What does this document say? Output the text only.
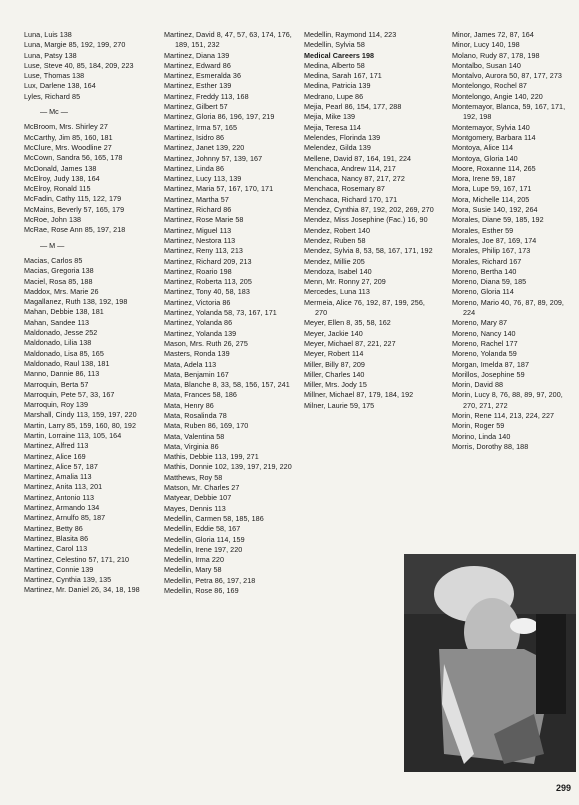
Luna, Luis 138
Luna, Margie 85, 192, 199, 270
Luna, Patsy 138
Luse, Steve 40, 85, 184, 209, 223
Luse, Thomas 138
Lux, Darlene 138, 164
Lyles, Richard 85
— Mc —
McBroom, Mrs. Shirley 27
McCarthy, Jim 85, 160, 181
McClure, Mrs. Woodline 27
McCown, Sandra 56, 165, 178
McDonald, James 138
McElroy, Judy 138, 164
McElroy, Ronald 115
McFadin, Cathy 115, 122, 179
McMains, Beverly 57, 165, 179
McRoe, John 138
McRae, Rose Ann 85, 197, 218
— M —
Macias, Carlos 85
Macias, Gregoria 138
Maciel, Rosa 85, 188
Maddox, Mrs. Marie 26
Magallanez, Ruth 138, 192, 198
Mahan, Debbie 138, 181
Mahan, Sandee 113
Maldonado, Jesse 252
Maldonado, Lilia 138
Maldonado, Lisa 85, 165
Maldonado, Raul 138, 181
Manno, Dannie 86, 113
Marroquin, Berta 57
Marroquin, Pete 57, 33, 167
Marroquin, Roy 139
Marshall, Cindy 113, 159, 197, 220
Martin, Larry 85, 159, 160, 80, 192
Martin, Lorraine 113, 105, 164
Martinez, Alfred 113
Martinez, Alice 169
Martinez, Alice 57, 187
Martinez, Amalia 113
Martinez, Anita 113, 201
Martinez, Antonio 113
Martinez, Armando 134
Martinez, Arnulfo 85, 187
Martinez, Betty 86
Martinez, Blasita 86
Martinez, Carol 113
Martinez, Celestino 57, 171, 210
Martinez, Connie 139
Martinez, Cynthia 139, 135
Martinez, Mr. Daniel 26, 34, 18, 198
Martinez, David 8, 47, 57, 63, 174, 176, 189, 151, 232
Martinez, Diana 139
Martinez, Edward 86
Martinez, Esmeralda 36
Martinez, Esther 139
Martinez, Freddy 113, 168
Martinez, Gilbert 57
Martinez, Gloria 86, 196, 197, 219
Martinez, Irma 57, 165
Martinez, Isidro 86
Martinez, Janet 139, 220
Martinez, Johnny 57, 139, 167
Martinez, Linda 86
Martinez, Lucy 113, 139
Martinez, Maria 57, 167, 170, 171
Martinez, Martha 57
Martinez, Richard 86
Martinez, Rose Marie 58
Martinez, Miguel 113
Martinez, Nestora 113
Martinez, Reny 113, 213
Martinez, Richard 209, 213
Martinez, Roario 198
Martinez, Roberta 113, 205
Martinez, Tony 40, 58, 183
Martinez, Victoria 86
Martinez, Yolanda 58, 73, 167, 171
Martinez, Yolanda 86
Martinez, Yolanda 139
Mason, Mrs. Ruth 26, 275
Masters, Ronda 139
Mata, Adela 113
Mata, Benjamin 167
Mata, Blanche 8, 33, 58, 156, 157, 241
Mata, Frances 58, 186
Mata, Henry 86
Mata, Rosalinda 78
Mata, Ruben 86, 169, 170
Mata, Valentina 58
Mata, Virginia 86
Mathis, Debbie 113, 199, 271
Mathis, Donnie 102, 139, 197, 219, 220
Matthews, Roy 58
Matson, Mr. Charles 27
Matyear, Debbie 107
Mayes, Dennis 113
Medellin, Carmen 58, 185, 186
Medellin, Eddie 58, 167
Medellin, Gloria 114, 159
Medellin, Irene 197, 220
Medellin, Irma 220
Medellin, Mary 58
Medellin, Petra 86, 197, 218
Medellin, Rose 86, 169
Medellin, Raymond 114, 223
Medellin, Sylvia 58
Medical Careers 198
Medina, Alberto 58
Medina, Sarah 167, 171
Medina, Patricia 139
Medrano, Lupe 86
Mejia, Pearl 86, 154, 177, 288
Mejia, Mike 139
Mejia, Teresa 114
Melendes, Florinda 139
Melendez, Gilda 139
Mellene, David 87, 164, 191, 224
Menchaca, Andrew 114, 217
Menchaca, Nancy 87, 217, 272
Menchaca, Rosemary 87
Menchaca, Richard 170, 171
Mendez, Cynthia 87, 192, 202, 269, 270
Mendez, Miss Josephine (Fac.) 16, 90
Mendez, Robert 140
Mendez, Ruben 58
Mendez, Sylvia 8, 53, 58, 167, 171, 192
Mendez, Millie 205
Mendoza, Isabel 140
Menn, Mr. Ronny 27, 209
Mercedes, Luna 113
Mermeia, Alice 76, 192, 87, 199, 256, 270
Meyer, Ellen 8, 35, 58, 162
Meyer, Jackie 140
Meyer, Michael 87, 221, 227
Meyer, Robert 114
Miller, Billy 87, 209
Miller, Charles 140
Miller, Mrs. Jody 15
Millner, Michael 87, 179, 184, 192
Milner, Laurie 59, 175
Minor, James 72, 87, 164
Minor, Lucy 140, 198
Molano, Rudy 87, 178, 198
Montalbo, Susan 140
Montalvo, Aurora 50, 87, 177, 273
Montelongo, Rochel 87
Montelongo, Angie 140, 220
Montemayor, Blanca, 59, 167, 171, 192, 198
Montemayor, Sylvia 140
Montgomery, Barbara 114
Montoya, Alice 114
Montoya, Gloria 140
Moore, Roxanne 114, 265
Mora, Irene 59, 187
Mora, Lupe 59, 167, 171
Mora, Michelle 114, 205
Mora, Susie 140, 192, 264
Morales, Diane 59, 185, 192
Morales, Esther 59
Morales, Joe 87, 169, 174
Morales, Philip 167, 173
Morales, Richard 167
Moreno, Bertha 140
Moreno, Diana 59, 185
Moreno, Gloria 114
Moreno, Mario 40, 76, 87, 89, 209, 224
Moreno, Mary 87
Moreno, Nancy 140
Moreno, Rachel 177
Moreno, Yolanda 59
Morgan, Imelda 87, 187
Morillos, Josephine 59
Morin, David 88
Morin, Lucy 8, 76, 88, 89, 97, 200, 270, 271, 272
Morin, Rene 114, 213, 224, 227
Morin, Roger 59
Morino, Linda 140
Morris, Dorothy 88, 188
299
